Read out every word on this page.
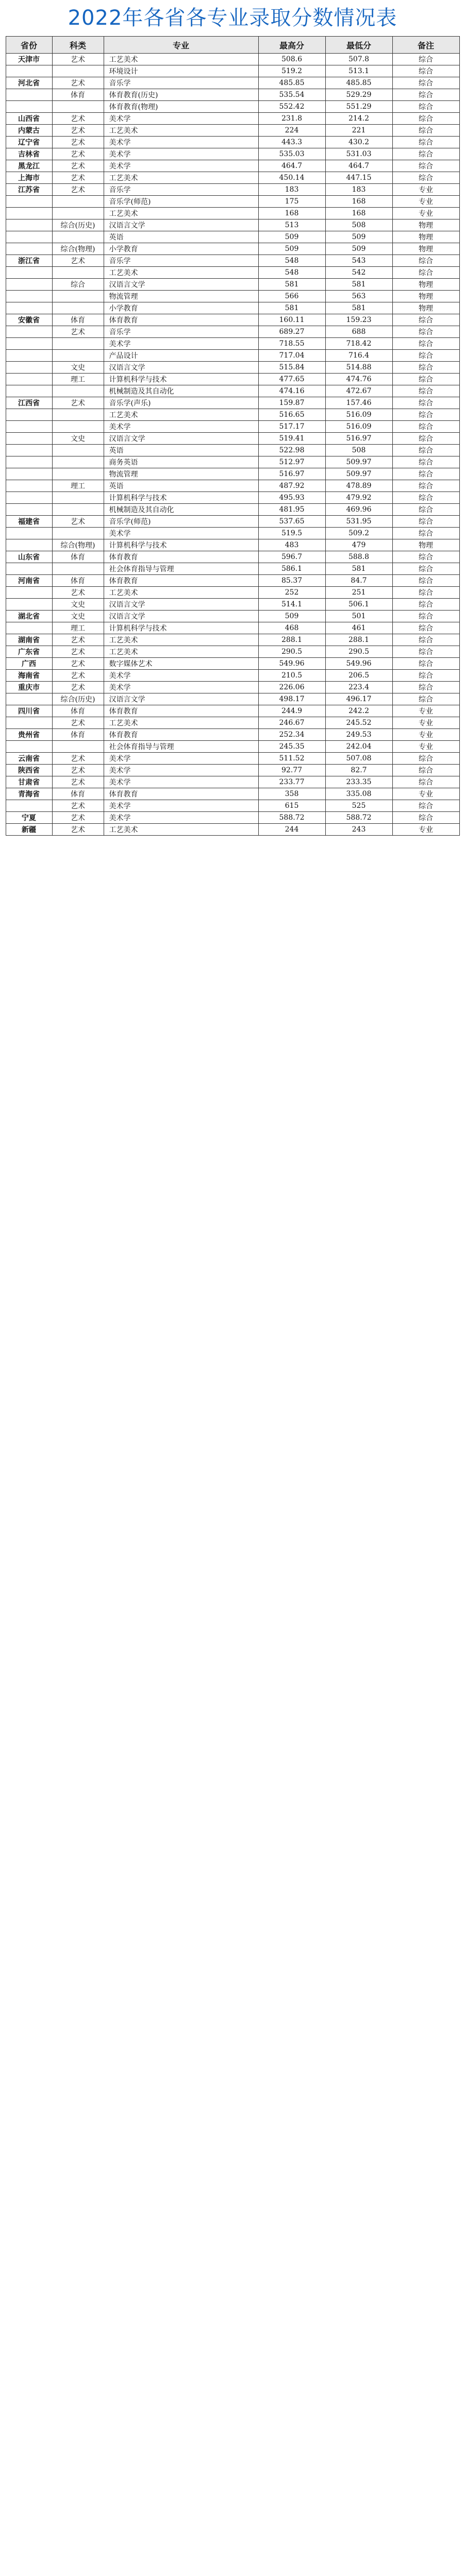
2022年各省各专业录取分数情况表
省份	科类	专业	最高分	最低分	备注
天津市	艺术	工艺美术	508.6	507.8	综合
		环境设计	519.2	513.1	综合
河北省	艺术	音乐学	485.85	485.85	综合
	体育	体育教育(历史)	535.54	529.29	综合
		体育教育(物理)	552.42	551.29	综合
山西省	艺术	美术学	231.8	214.2	综合
内蒙古	艺术	工艺美术	224	221	综合
辽宁省	艺术	美术学	443.3	430.2	综合
吉林省	艺术	美术学	535.03	531.03	综合
黑龙江	艺术	美术学	464.7	464.7	综合
上海市	艺术	工艺美术	450.14	447.15	综合
江苏省	艺术	音乐学	183	183	专业
		音乐学(师范)	175	168	专业
		工艺美术	168	168	专业
	综合(历史)	汉语言文学	513	508	物理
		英语	509	509	物理
	综合(物理)	小学教育	509	509	物理
浙江省	艺术	音乐学	548	543	综合
		工艺美术	548	542	综合
	综合	汉语言文学	581	581	物理
		物流管理	566	563	物理
		小学教育	581	581	物理
安徽省	体育	体育教育	160.11	159.23	综合
	艺术	音乐学	689.27	688	综合
		美术学	718.55	718.42	综合
		产品设计	717.04	716.4	综合
	文史	汉语言文学	515.84	514.88	综合
	理工	计算机科学与技术	477.65	474.76	综合
		机械制造及其自动化	474.16	472.67	综合
江西省	艺术	音乐学(声乐)	159.87	157.46	综合
		工艺美术	516.65	516.09	综合
		美术学	517.17	516.09	综合
	文史	汉语言文学	519.41	516.97	综合
		英语	522.98	508	综合
		商务英语	512.97	509.97	综合
		物流管理	516.97	509.97	综合
	理工	英语	487.92	478.89	综合
		计算机科学与技术	495.93	479.92	综合
		机械制造及其自动化	481.95	469.96	综合
福建省	艺术	音乐学(师范)	537.65	531.95	综合
		美术学	519.5	509.2	综合
	综合(物理)	计算机科学与技术	483	479	物理
山东省	体育	体育教育	596.7	588.8	综合
		社会体育指导与管理	586.1	581	综合
河南省	体育	体育教育	85.37	84.7	综合
	艺术	工艺美术	252	251	综合
	文史	汉语言文学	514.1	506.1	综合
湖北省	文史	汉语言文学	509	501	综合
	理工	计算机科学与技术	468	461	综合
湖南省	艺术	工艺美术	288.1	288.1	综合
广东省	艺术	工艺美术	290.5	290.5	综合
广西	艺术	数字媒体艺术	549.96	549.96	综合
海南省	艺术	美术学	210.5	206.5	综合
重庆市	艺术	美术学	226.06	223.4	综合
	综合(历史)	汉语言文学	498.17	496.17	综合
四川省	体育	体育教育	244.9	242.2	专业
	艺术	工艺美术	246.67	245.52	专业
贵州省	体育	体育教育	252.34	249.53	专业
		社会体育指导与管理	245.35	242.04	专业
云南省	艺术	美术学	511.52	507.08	综合
陕西省	艺术	美术学	92.77	82.7	综合
甘肃省	艺术	美术学	233.77	233.35	综合
青海省	体育	体育教育	358	335.08	专业
	艺术	美术学	615	525	综合
宁夏	艺术	美术学	588.72	588.72	综合
新疆	艺术	工艺美术	244	243	专业
